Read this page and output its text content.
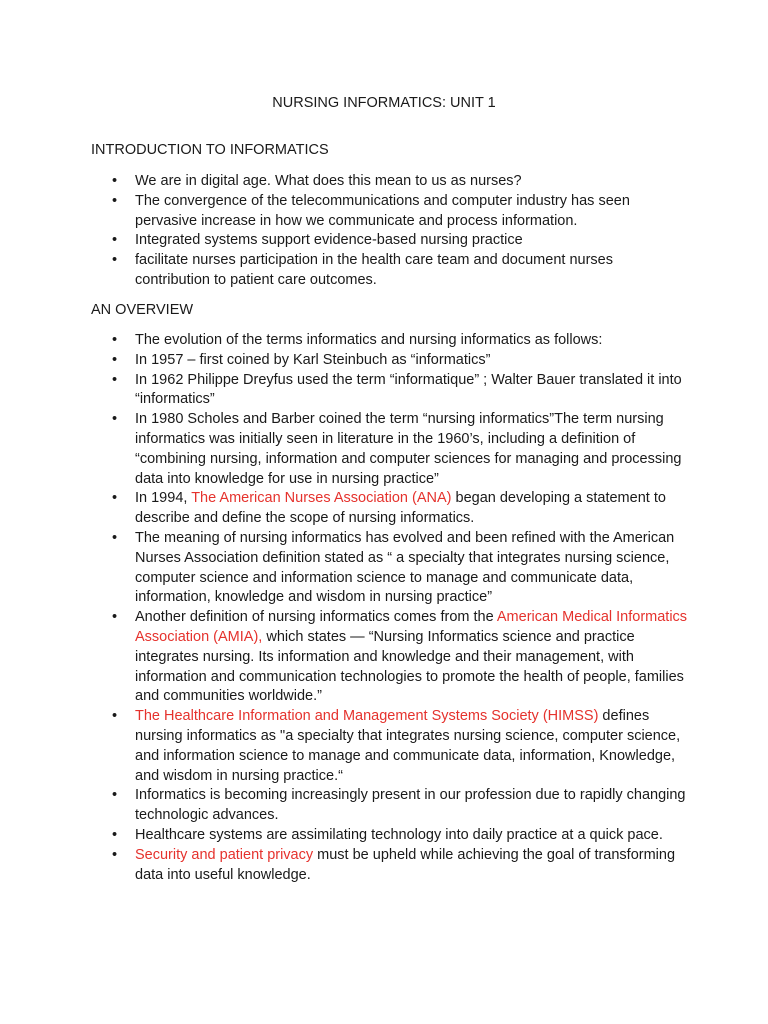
NURSING INFORMATICS: UNIT 1
INTRODUCTION TO INFORMATICS
• We are in digital age. What does this mean to us as nurses?
• The convergence of the telecommunications and computer industry has seen pervasive increase in how we communicate and process information.
• Integrated systems support evidence-based nursing practice
• facilitate nurses participation in the health care team and document nurses contribution to patient care outcomes.
AN OVERVIEW
• The evolution of the terms informatics and nursing informatics as follows:
• In 1957 – first coined by Karl Steinbuch as “informatics”
• In 1962 Philippe Dreyfus used the term “informatique” ; Walter Bauer translated it into “informatics”
• In 1980 Scholes and Barber coined the term “nursing informatics”The term nursing informatics was initially seen in literature in the 1960’s, including a definition of “combining nursing, information and computer sciences for managing and processing data into knowledge for use in nursing practice”
• In 1994, The American Nurses Association (ANA) began developing a statement to describe and define the scope of nursing informatics.
• The meaning of nursing informatics has evolved and been refined with the American Nurses Association definition stated as “ a specialty that integrates nursing science, computer science and information science to manage and communicate data, information, knowledge and wisdom in nursing practice”
• Another definition of nursing informatics comes from the American Medical Informatics Association (AMIA), which states — “Nursing Informatics science and practice integrates nursing. Its information and knowledge and their management, with information and communication technologies to promote the health of people, families and communities worldwide.”
• The Healthcare Information and Management Systems Society (HIMSS) defines nursing informatics as "a specialty that integrates nursing science, computer science, and information science to manage and communicate data, information, Knowledge, and wisdom in nursing practice.“
• Informatics is becoming increasingly present in our profession due to rapidly changing technologic advances.
• Healthcare systems are assimilating technology into daily practice at a quick pace.
• Security and patient privacy must be upheld while achieving the goal of transforming data into useful knowledge.
